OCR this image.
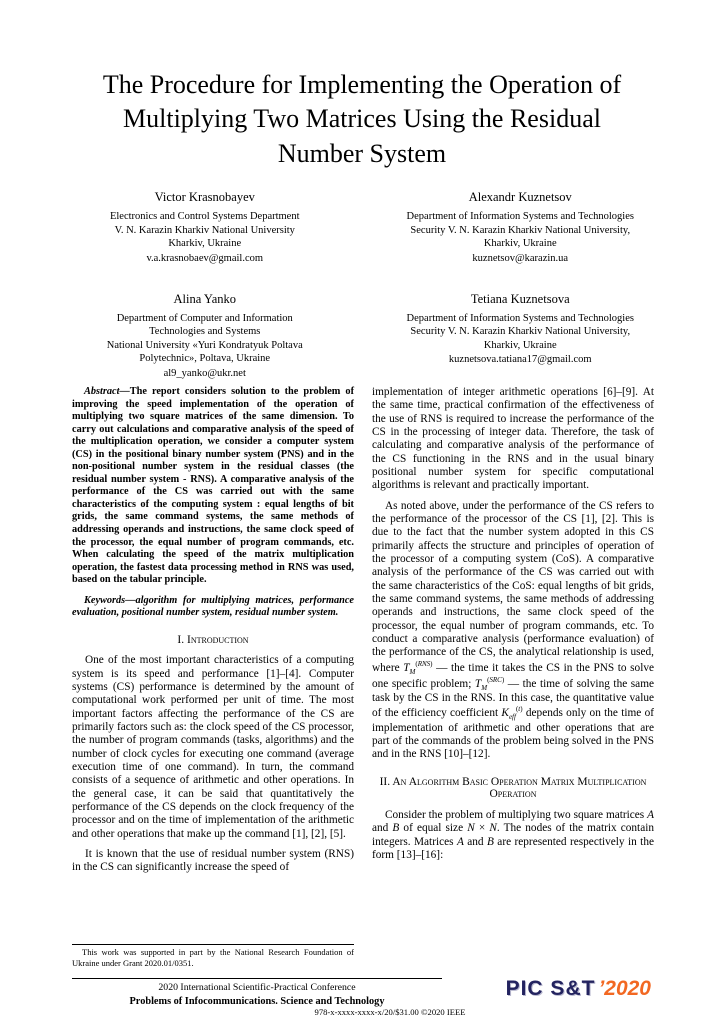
The Procedure for Implementing the Operation of
Multiplying Two Matrices Using the Residual
Number System
Victor Krasnobayev
Electronics and Control Systems Department
V. N. Karazin Kharkiv National University
Kharkiv, Ukraine
v.a.krasnobaev@gmail.com
Alexandr Kuznetsov
Department of Information Systems and Technologies
Security V. N. Karazin Kharkiv National University,
Kharkiv, Ukraine
kuznetsov@karazin.ua
Alina Yanko
Department of Computer and Information
Technologies and Systems
National University «Yuri Kondratyuk Poltava
Polytechnic», Poltava, Ukraine
al9_yanko@ukr.net
Tetiana Kuznetsova
Department of Information Systems and Technologies
Security V. N. Karazin Kharkiv National University,
Kharkiv, Ukraine
kuznetsova.tatiana17@gmail.com

Abstract—The report considers solution to the problem of improving the speed implementation of the operation of multiplying two square matrices of the same dimension. To carry out calculations and comparative analysis of the speed of the multiplication operation, we consider a computer system (CS) in the positional binary number system (PNS) and in the non-positional number system in the residual classes (the residual number system - RNS). A comparative analysis of the performance of the CS was carried out with the same characteristics of the computing system : equal lengths of bit grids, the same command systems, the same methods of addressing operands and instructions, the same clock speed of the processor, the equal number of program commands, etc. When calculating the speed of the matrix multiplication operation, the fastest data processing method in RNS was used, based on the tabular principle.

Keywords—algorithm for multiplying matrices, performance evaluation, positional number system, residual number system.

I. Introduction

One of the most important characteristics of a computing system is its speed and performance [1]–[4]. Computer systems (CS) performance is determined by the amount of computational work performed per unit of time. The most important factors affecting the performance of the CS are primarily factors such as: the clock speed of the CS processor, the number of program commands (tasks, algorithms) and the number of clock cycles for executing one command (average execution time of one command). In turn, the command consists of a sequence of arithmetic and other operations. In the general case, it can be said that quantitatively the performance of the CS depends on the clock frequency of the processor and on the time of implementation of the arithmetic and other operations that make up the command [1], [2], [5].

It is known that the use of residual number system (RNS) in the CS can significantly increase the speed of

implementation of integer arithmetic operations [6]–[9]. At the same time, practical confirmation of the effectiveness of the use of RNS is required to increase the performance of the CS in the processing of integer data. Therefore, the task of calculating and comparative analysis of the performance of the CS functioning in the RNS and in the usual binary positional number system for specific computational algorithms is relevant and practically important.

As noted above, under the performance of the CS refers to the performance of the processor of the CS [1], [2]. This is due to the fact that the number system adopted in this CS primarily affects the structure and principles of operation of the processor of a computing system (CoS). A comparative analysis of the performance of the CS was carried out with the same characteristics of the CoS: equal lengths of bit grids, the same command systems, the same methods of addressing operands and instructions, the same clock speed of the processor, the equal number of program commands, etc. To conduct a comparative analysis (performance evaluation) of the performance of the CS, the analytical relationship is used, where $T_M^{(RNS)}$ — the time it takes the CS in the PNS to solve one specific problem; $T_M^{(SRC)}$ — the time of solving the same task by the CS in the RNS. In this case, the quantitative value of the efficiency coefficient $K_{eff}^{(t)}$ depends only on the time of implementation of arithmetic and other operations that are part of the commands of the problem being solved in the PNS and in the RNS [10]–[12].

II. An Algorithm Basic Operation Matrix Multiplication Operation

Consider the problem of multiplying two square matrices A and B of equal size N × N. The nodes of the matrix contain integers. Matrices A and B are represented respectively in the form [13]–[16]:

This work was supported in part by the National Research Foundation of Ukraine under Grant 2020.01/0351.

2020 International Scientific-Practical Conference
Problems of Infocommunications. Science and Technology
978-x-xxxx-xxxx-x/20/$31.00 ©2020 IEEE
PIC S&T ’2020
